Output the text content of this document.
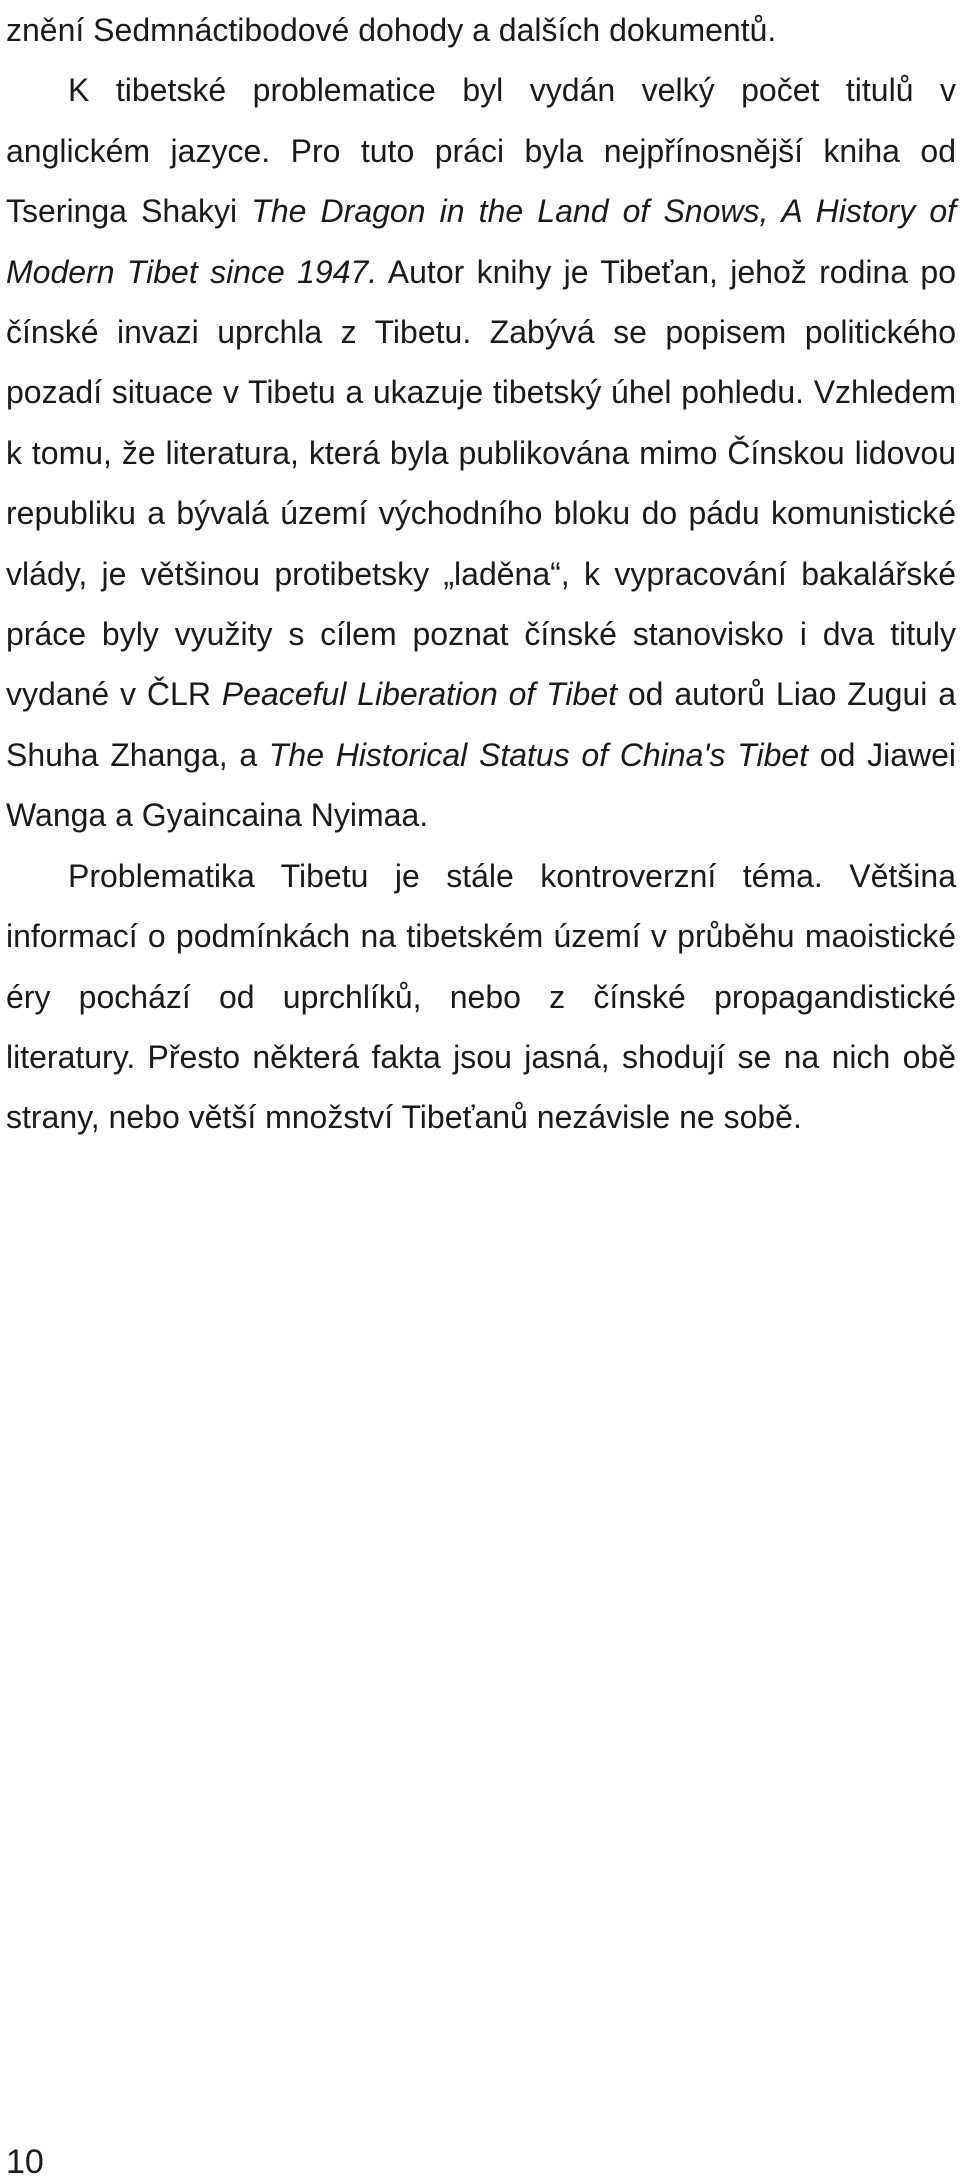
znění Sedmnáctibodové dohody a dalších dokumentů.

K tibetské problematice byl vydán velký počet titulů v anglickém jazyce. Pro tuto práci byla nejpřínosnější kniha od Tseringa Shakyi The Dragon in the Land of Snows, A History of Modern Tibet since 1947. Autor knihy je Tibeťan, jehož rodina po čínské invazi uprchla z Tibetu. Zabývá se popisem politického pozadí situace v Tibetu a ukazuje tibetský úhel pohledu. Vzhledem k tomu, že literatura, která byla publikována mimo Čínskou lidovou republiku a bývalá území východního bloku do pádu komunistické vlády, je většinou protibetsky „laděna“, k vypracování bakalářské práce byly využity s cílem poznat čínské stanovisko i dva tituly vydané v ČLR Peaceful Liberation of Tibet od autorů Liao Zugui a Shuha Zhanga, a The Historical Status of China's Tibet od Jiawei Wanga a Gyaincaina Nyimaa.

Problematika Tibetu je stále kontroverzní téma. Většina informací o podmínkách na tibetském území v průběhu maoistické éry pochází od uprchlíků, nebo z čínské propagandistické literatury. Přesto některá fakta jsou jasná, shodují se na nich obě strany, nebo větší množství Tibeťanů nezávisle ne sobě.

10
